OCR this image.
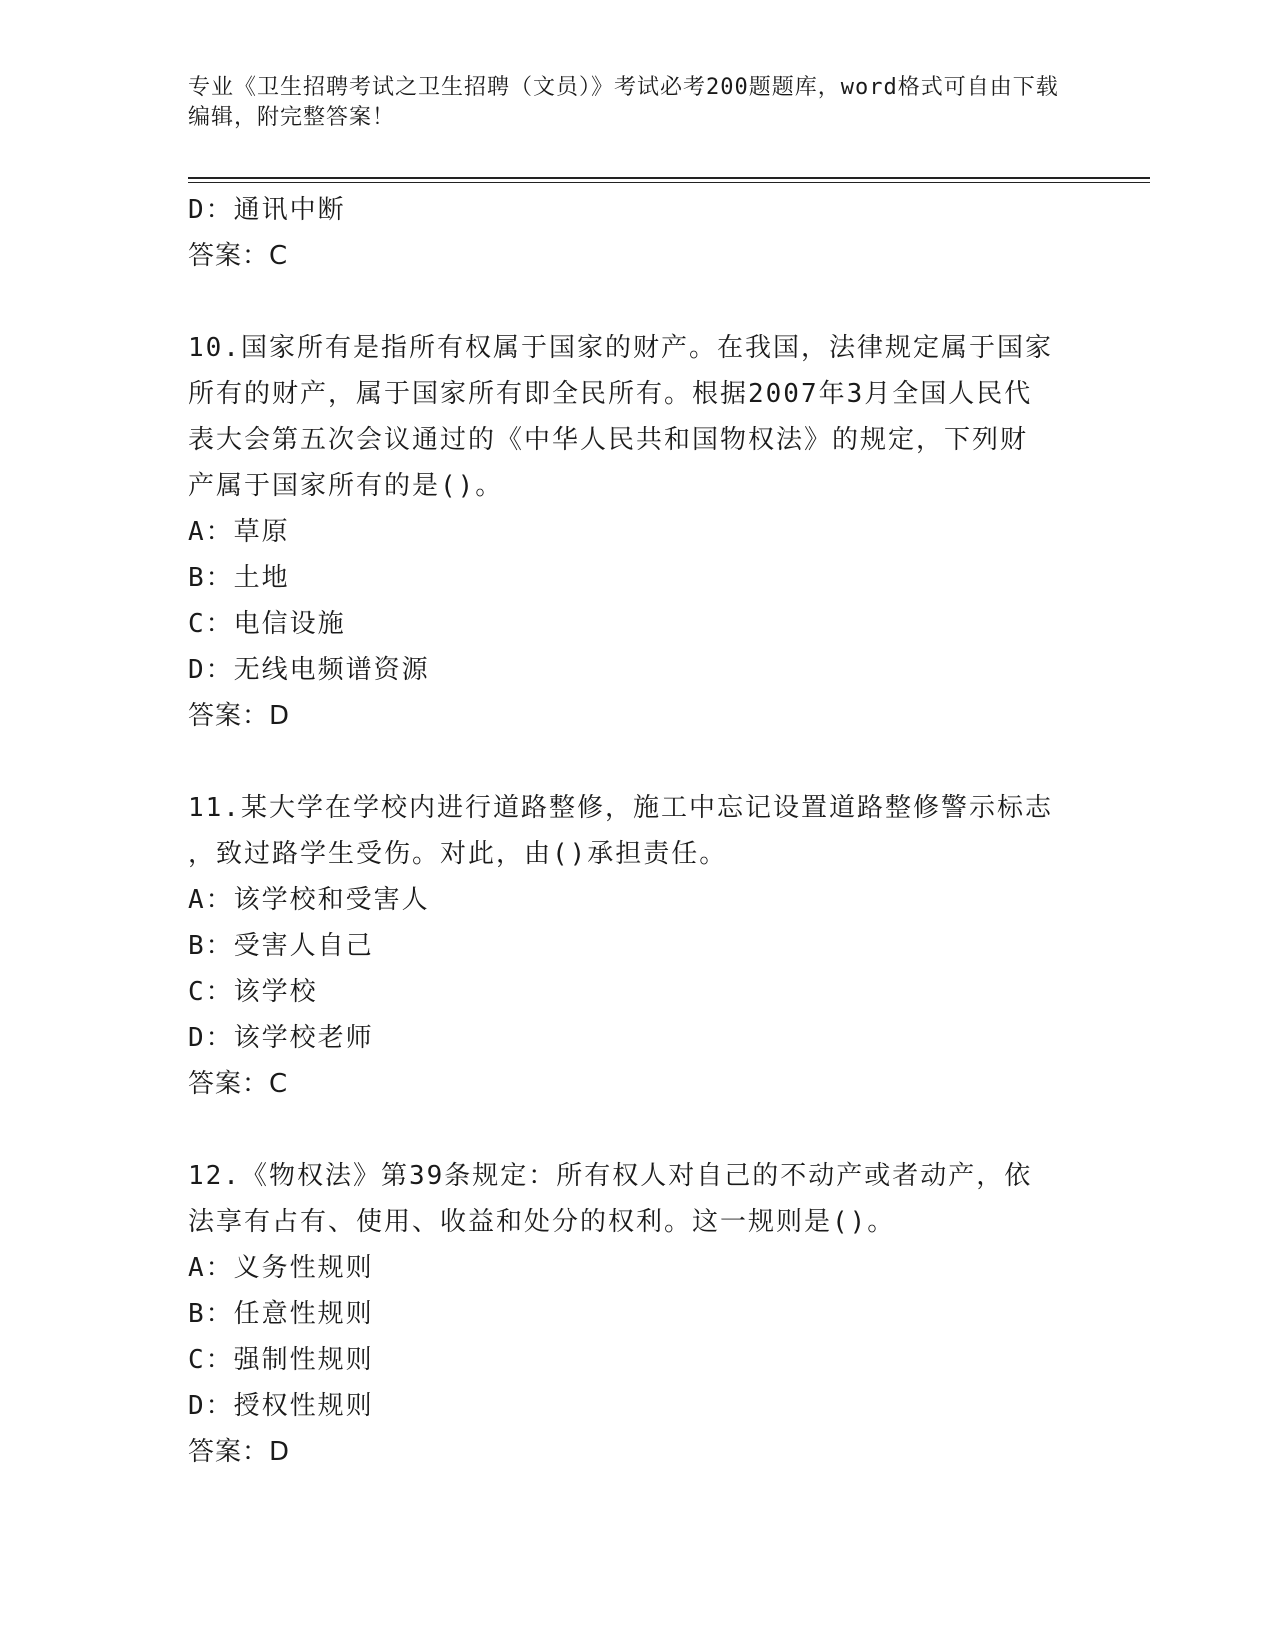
专业《卫生招聘考试之卫生招聘（文员）》考试必考200题题库，word格式可自由下载编辑，附完整答案！
D：通讯中断
答案：C
10.国家所有是指所有权属于国家的财产。在我国，法律规定属于国家
所有的财产，属于国家所有即全民所有。根据2007年3月全国人民代
表大会第五次会议通过的《中华人民共和国物权法》的规定，下列财
产属于国家所有的是()。
A：草原
B：土地
C：电信设施
D：无线电频谱资源
答案：D
11.某大学在学校内进行道路整修，施工中忘记设置道路整修警示标志
，致过路学生受伤。对此，由()承担责任。
A：该学校和受害人
B：受害人自己
C：该学校
D：该学校老师
答案：C
12.《物权法》第39条规定：所有权人对自己的不动产或者动产，依
法享有占有、使用、收益和处分的权利。这一规则是()。
A：义务性规则
B：任意性规则
C：强制性规则
D：授权性规则
答案：D
